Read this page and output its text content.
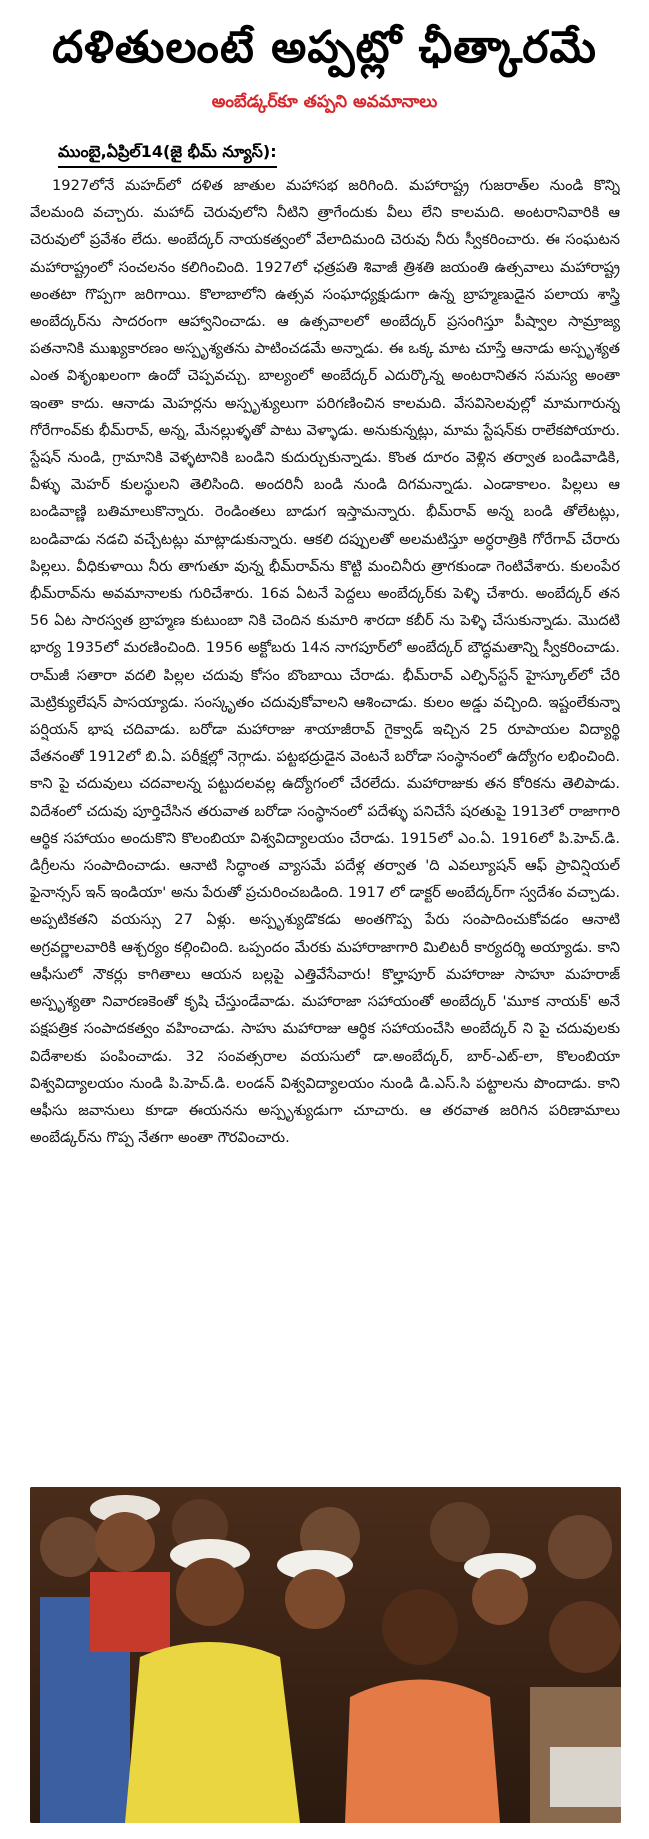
దళితులంటే అప్పట్లో ఛీత్కారమే
అంబేడ్కర్‌కూ తప్పని అవమానాలు
ముంబై,ఏప్రిల్14(జై భీమ్ న్యూస్):
1927లోనే మహద్‌లో దళిత జాతుల మహాసభ జరిగింది. మహారాష్ట్ర గుజరాత్‌ల నుండి కొన్ని వేలమంది వచ్చారు. మహాద్ చెరువులోని నీటిని త్రాగేందుకు వీలు లేని కాలమది. అంటరానివారికి ఆ చెరువులో ప్రవేశం లేదు. అంబేద్కర్ నాయకత్వంలో వేలాదిమంది చెరువు నీరు స్వీకరించారు. ఈ సంఘటన మహారాష్ట్రంలో సంచలనం కలిగించింది. 1927లో ఛత్రపతి శివాజీ త్రిశతి జయంతి ఉత్సవాలు మహారాష్ట్ర అంతటా గొప్పగా జరిగాయి. కొలాబాలోని ఉత్సవ సంఘాధ్యక్షుడుగా ఉన్న బ్రాహ్మణుడైన పలాయ శాస్త్రి అంబేద్కర్‌ను సాదరంగా ఆహ్వానించాడు. ఆ ఉత్సవాలలో అంబేద్కర్ ప్రసంగిస్తూ పీష్వాల సామ్రాజ్య పతనానికి ముఖ్యకారణం అస్పృశ్యతను పాటించడమే అన్నాడు. ఈ ఒక్క మాట చూస్తే ఆనాడు అస్పృశ్యత ఎంత విశృంఖలంగా ఉందో చెప్పవచ్చు. బాల్యంలో అంబేద్కర్ ఎదుర్కొన్న అంటరానితన సమస్య అంతా ఇంతా కాదు. ఆనాడు మెహర్లను అస్పృశ్యులుగా పరిగణించిన కాలమది. వేసవిసెలవుల్లో మామగారున్న గోరేగాంవ్‌కు భీమ్‌రావ్, అన్న, మేనల్లుళ్ళతో పాటు వెళ్ళాడు. అనుకున్నట్లు, మామ స్టేషన్‌కు రాలేకపోయారు. స్టేషన్ నుండి, గ్రామానికి వెళ్ళటానికి బండిని కుదుర్చుకున్నాడు. కొంత దూరం వెళ్లిన తర్వాత బండివాడికి, వీళ్ళు మెహర్ కులస్థులని తెలిసింది. అందరినీ బండి నుండి దిగమన్నాడు. ఎండాకాలం. పిల్లలు ఆ బండివాణ్ణి బతిమాలుకొన్నారు. రెండింతలు బాడుగ ఇస్తామన్నారు. భీమ్‌రావ్ అన్న బండి తోలేటట్లు, బండివాడు నడచి వచ్చేటట్లు మాట్లాడుకున్నారు. ఆకలి దప్పులతో అలమటిస్తూ అర్ధరాత్రికి గోరేగావ్ చేరారు పిల్లలు. వీధికుళాయి నీరు తాగుతూ వున్న భీమ్‌రావ్‌ను కొట్టి మంచినీరు త్రాగకుండా గెంటివేశారు. కులంపేర భీమ్‌రావ్‌ను అవమానాలకు గురిచేశారు. 16వ ఏటనే పెద్దలు అంబేద్కర్‌కు పెళ్ళి చేశారు. అంబేద్కర్ తన 56 ఏట సారస్వత బ్రాహ్మణ కుటుంబా నికి చెందిన కుమారి శారదా కబీర్ ను పెళ్ళి చేసుకున్నాడు. మొదటి భార్య 1935లో మరణించింది. 1956 అక్టోబరు 14న నాగపూర్‌లో అంబేద్కర్ బౌద్ధమతాన్ని స్వీకరించాడు. రామ్‌జీ సతారా వదలి పిల్లల చదువు కోసం బొంబాయి చేరాడు. భీమ్‌రావ్ ఎల్ఫిన్‌స్టన్ హైస్కూల్‌లో చేరి మెట్రిక్యులేషన్ పాసయ్యాడు. సంస్కృతం చదువుకోవాలని ఆశించాడు. కులం అడ్డు వచ్చింది. ఇష్టంలేకున్నా పర్షియన్ భాష చదివాడు. బరోడా మహారాజు శాయాజీరావ్ గైక్వాడ్ ఇచ్చిన 25 రూపాయల విద్యార్థి వేతనంతో 1912లో బి.ఏ. పరీక్షల్లో నెగ్గాడు. పట్టభద్రుడైన వెంటనే బరోడా సంస్థానంలో ఉద్యోగం లభించింది. కాని పై చదువులు చదవాలన్న పట్టుదలవల్ల ఉద్యోగంలో చేరలేదు. మహారాజుకు తన కోరికను తెలిపాడు. విదేశంలో చదువు పూర్తిచేసిన తరువాత బరోడా సంస్థానంలో పదేళ్ళు పనిచేసే షరతుపై 1913లో రాజాగారి ఆర్థిక సహాయం అందుకొని కొలంబియా విశ్వవిద్యాలయం చేరాడు. 1915లో ఎం.ఏ. 1916లో పి.హెచ్.డి. డిగ్రీలను సంపాదించాడు. ఆనాటి సిద్ధాంత వ్యాసమే పదేళ్ల తర్వాత 'ది ఎవల్యూషన్ ఆఫ్ ప్రావిన్షియల్ ఫైనాన్సస్ ఇన్ ఇండియా' అను పేరుతో ప్రచురించబడింది. 1917 లో డాక్టర్ అంబేద్కర్‌గా స్వదేశం వచ్చాడు. అప్పటికతని వయస్సు 27 ఏళ్లు. అస్పృశ్యుడొకడు అంతగొప్ప పేరు సంపాదించుకోవడం ఆనాటి అగ్రవర్ణాలవారికి ఆశ్చర్యం కల్గించింది. ఒప్పందం మేరకు మహారాజాగారి మిలిటరీ కార్యదర్శి అయ్యాడు. కాని ఆఫీసులో నౌకర్లు కాగితాలు ఆయన బల్లపై ఎత్తివేసేవారు! కొల్హాపూర్ మహారాజు సాహూ మహరాజ్ అస్పృశ్యతా నివారణకెంతో కృషి చేస్తుండేవాడు. మహారాజా సహాయంతో అంబేద్కర్ 'మూక నాయక్' అనే పక్షపత్రిక సంపాదకత్వం వహించాడు. సాహు మహారాజు ఆర్థిక సహాయంచేసి అంబేద్కర్ ని పై చదువులకు విదేశాలకు పంపించాడు. 32 సంవత్సరాల వయసులో డా.అంబేద్కర్, బార్-ఎట్-లా, కొలంబియా విశ్వవిద్యాలయం నుండి పి.హెచ్.డి. లండన్ విశ్వవిద్యాలయం నుండి డి.ఎస్.సి పట్టాలను పొందాడు. కాని ఆఫీసు జవానులు కూడా ఈయనను అస్పృశ్యుడుగా చూచారు. ఆ తరవాత జరిగిన పరిణామాలు అంబేడ్కర్‌ను గొప్ప నేతగా అంతా గౌరవించారు.
